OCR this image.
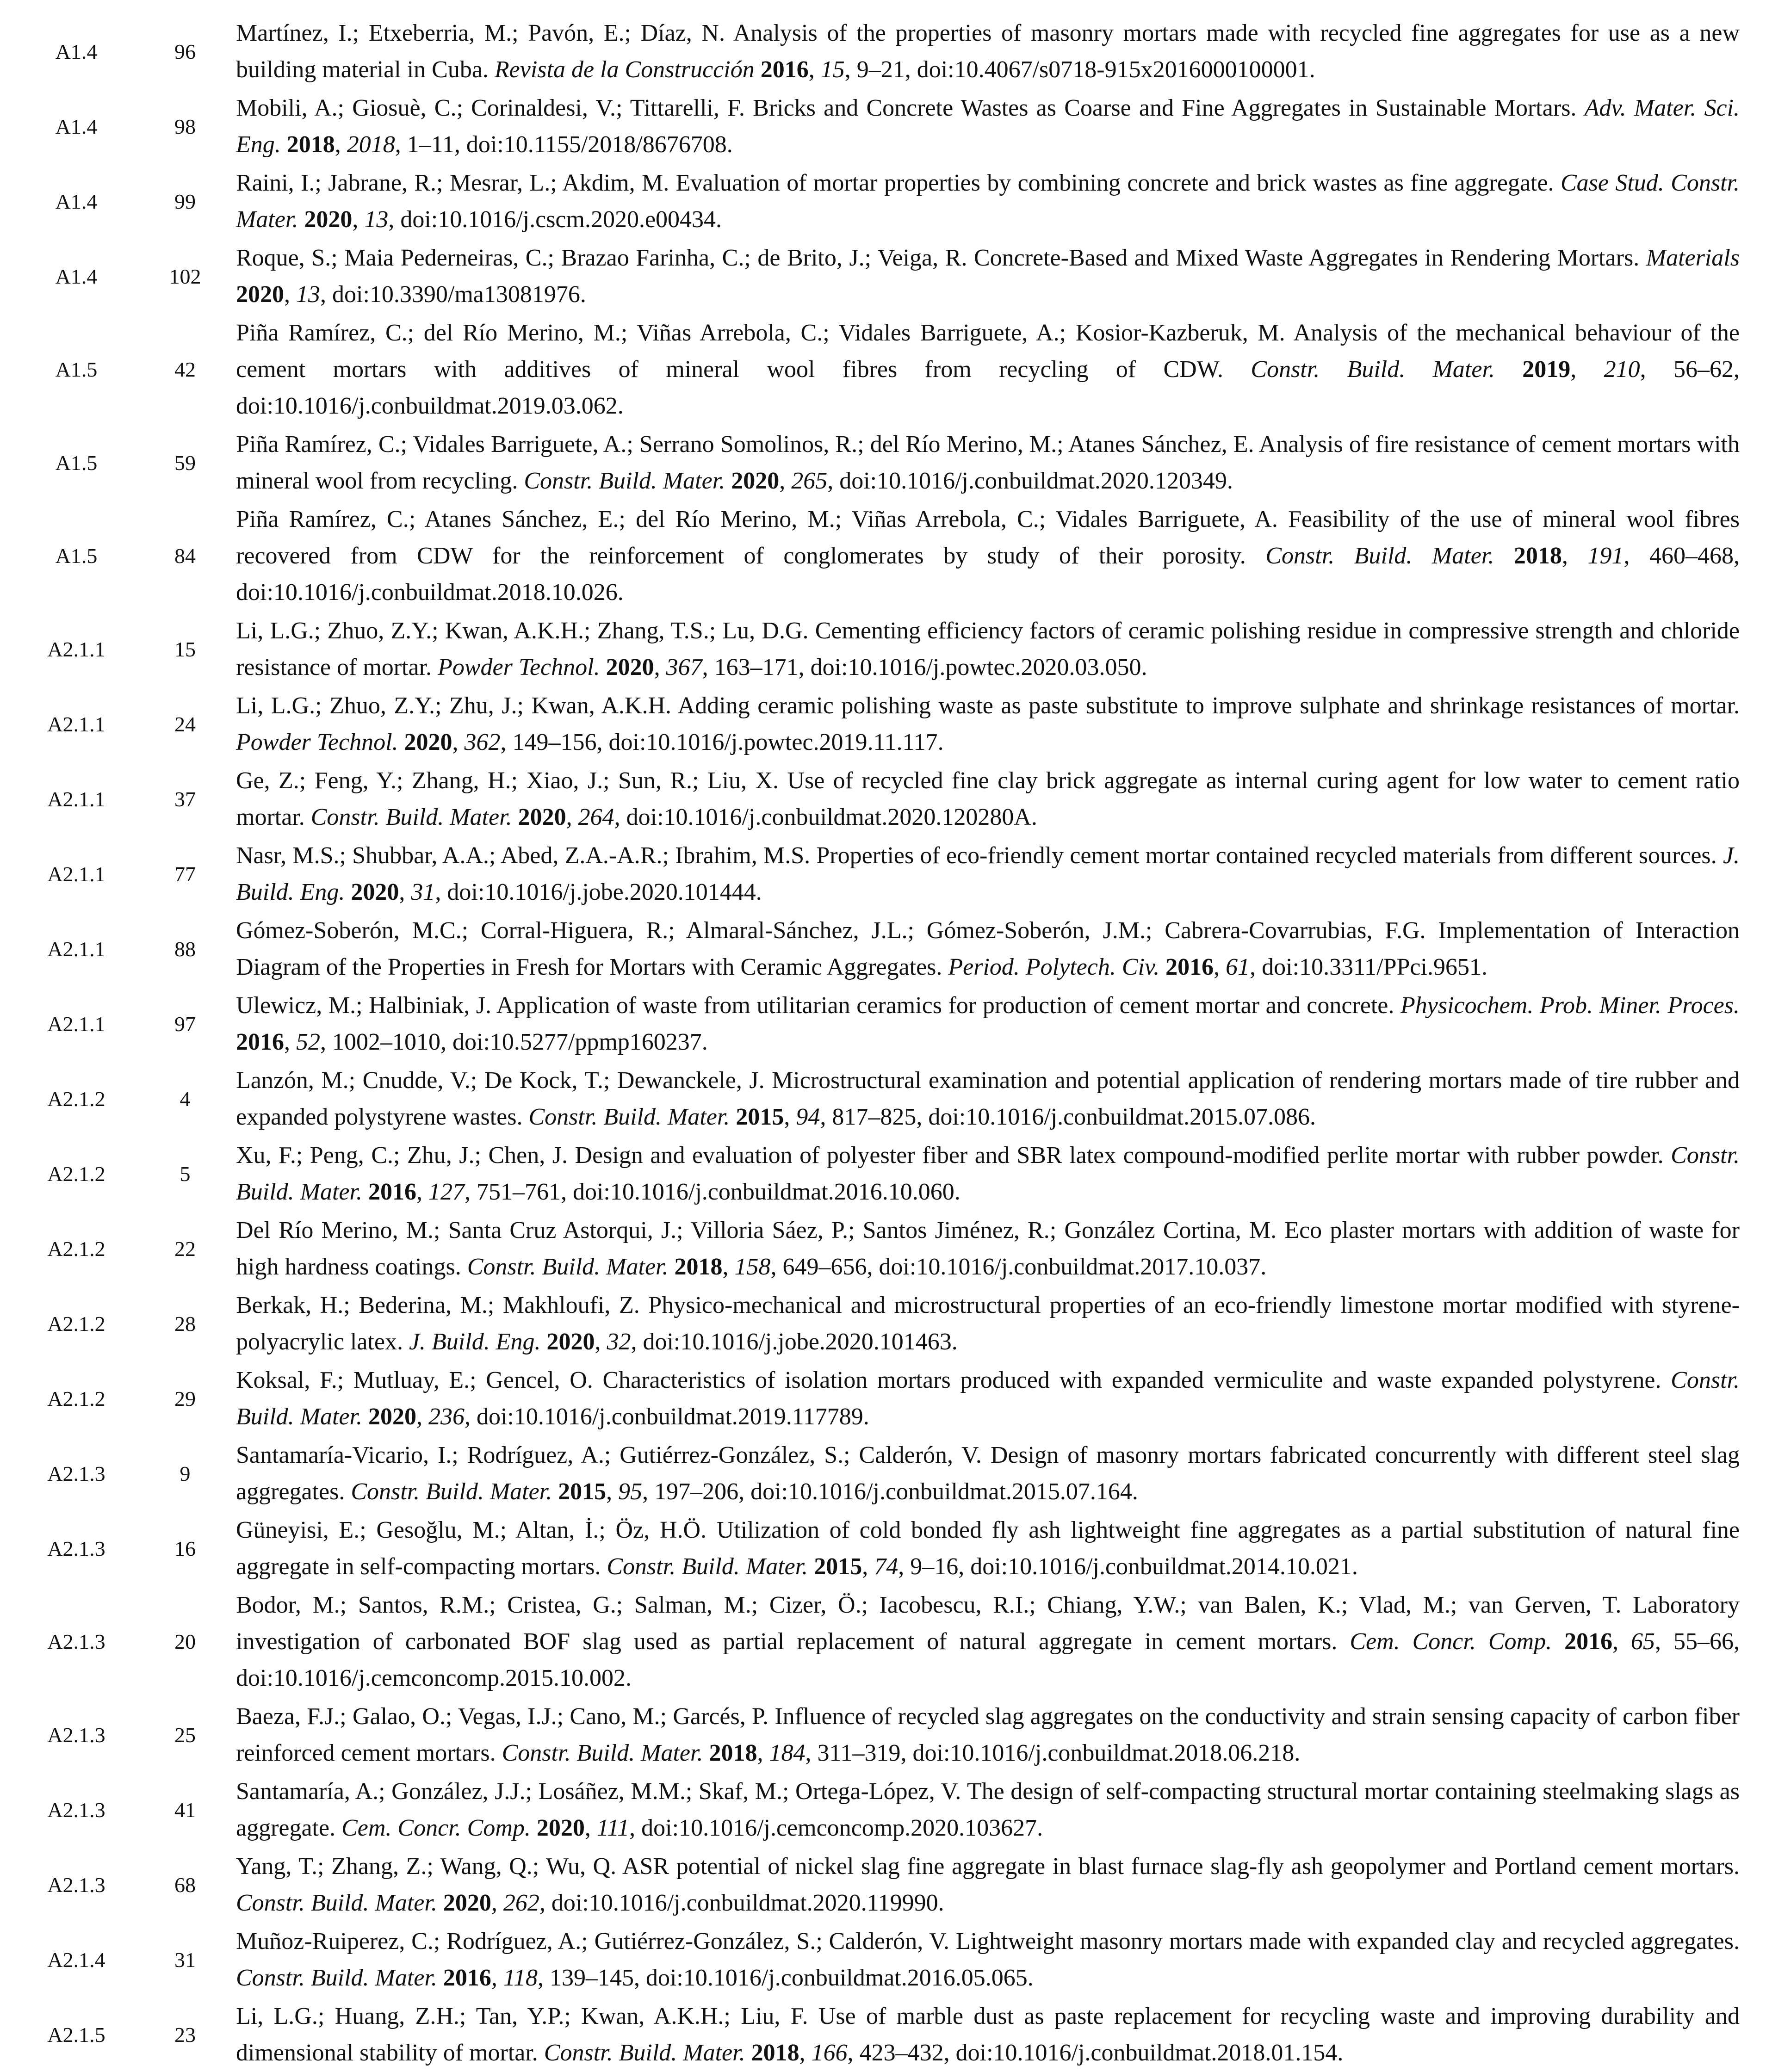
A1.4	96	Martínez, I.; Etxeberria, M.; Pavón, E.; Díaz, N. Analysis of the properties of masonry mortars made with recycled fine aggregates for use as a new building material in Cuba. Revista de la Construcción 2016, 15, 9–21, doi:10.4067/s0718-915x2016000100001.
A1.4	98	Mobili, A.; Giosuè, C.; Corinaldesi, V.; Tittarelli, F. Bricks and Concrete Wastes as Coarse and Fine Aggregates in Sustainable Mortars. Adv. Mater. Sci. Eng. 2018, 2018, 1–11, doi:10.1155/2018/8676708.
A1.4	99	Raini, I.; Jabrane, R.; Mesrar, L.; Akdim, M. Evaluation of mortar properties by combining concrete and brick wastes as fine aggregate. Case Stud. Constr. Mater. 2020, 13, doi:10.1016/j.cscm.2020.e00434.
A1.4	102	Roque, S.; Maia Pederneiras, C.; Brazao Farinha, C.; de Brito, J.; Veiga, R. Concrete-Based and Mixed Waste Aggregates in Rendering Mortars. Materials 2020, 13, doi:10.3390/ma13081976.
A1.5	42	Piña Ramírez, C.; del Río Merino, M.; Viñas Arrebola, C.; Vidales Barriguete, A.; Kosior-Kazberuk, M. Analysis of the mechanical behaviour of the cement mortars with additives of mineral wool fibres from recycling of CDW. Constr. Build. Mater. 2019, 210, 56–62, doi:10.1016/j.conbuildmat.2019.03.062.
A1.5	59	Piña Ramírez, C.; Vidales Barriguete, A.; Serrano Somolinos, R.; del Río Merino, M.; Atanes Sánchez, E. Analysis of fire resistance of cement mortars with mineral wool from recycling. Constr. Build. Mater. 2020, 265, doi:10.1016/j.conbuildmat.2020.120349.
A1.5	84	Piña Ramírez, C.; Atanes Sánchez, E.; del Río Merino, M.; Viñas Arrebola, C.; Vidales Barriguete, A. Feasibility of the use of mineral wool fibres recovered from CDW for the reinforcement of conglomerates by study of their porosity. Constr. Build. Mater. 2018, 191, 460–468, doi:10.1016/j.conbuildmat.2018.10.026.
A2.1.1	15	Li, L.G.; Zhuo, Z.Y.; Kwan, A.K.H.; Zhang, T.S.; Lu, D.G. Cementing efficiency factors of ceramic polishing residue in compressive strength and chloride resistance of mortar. Powder Technol. 2020, 367, 163–171, doi:10.1016/j.powtec.2020.03.050.
A2.1.1	24	Li, L.G.; Zhuo, Z.Y.; Zhu, J.; Kwan, A.K.H. Adding ceramic polishing waste as paste substitute to improve sulphate and shrinkage resistances of mortar. Powder Technol. 2020, 362, 149–156, doi:10.1016/j.powtec.2019.11.117.
A2.1.1	37	Ge, Z.; Feng, Y.; Zhang, H.; Xiao, J.; Sun, R.; Liu, X. Use of recycled fine clay brick aggregate as internal curing agent for low water to cement ratio mortar. Constr. Build. Mater. 2020, 264, doi:10.1016/j.conbuildmat.2020.120280A.
A2.1.1	77	Nasr, M.S.; Shubbar, A.A.; Abed, Z.A.-A.R.; Ibrahim, M.S. Properties of eco-friendly cement mortar contained recycled materials from different sources. J. Build. Eng. 2020, 31, doi:10.1016/j.jobe.2020.101444.
A2.1.1	88	Gómez-Soberón, M.C.; Corral-Higuera, R.; Almaral-Sánchez, J.L.; Gómez-Soberón, J.M.; Cabrera-Covarrubias, F.G. Implementation of Interaction Diagram of the Properties in Fresh for Mortars with Ceramic Aggregates. Period. Polytech. Civ. 2016, 61, doi:10.3311/PPci.9651.
A2.1.1	97	Ulewicz, M.; Halbiniak, J. Application of waste from utilitarian ceramics for production of cement mortar and concrete. Physicochem. Prob. Miner. Proces. 2016, 52, 1002–1010, doi:10.5277/ppmp160237.
A2.1.2	4	Lanzón, M.; Cnudde, V.; De Kock, T.; Dewanckele, J. Microstructural examination and potential application of rendering mortars made of tire rubber and expanded polystyrene wastes. Constr. Build. Mater. 2015, 94, 817–825, doi:10.1016/j.conbuildmat.2015.07.086.
A2.1.2	5	Xu, F.; Peng, C.; Zhu, J.; Chen, J. Design and evaluation of polyester fiber and SBR latex compound-modified perlite mortar with rubber powder. Constr. Build. Mater. 2016, 127, 751–761, doi:10.1016/j.conbuildmat.2016.10.060.
A2.1.2	22	Del Río Merino, M.; Santa Cruz Astorqui, J.; Villoria Sáez, P.; Santos Jiménez, R.; González Cortina, M. Eco plaster mortars with addition of waste for high hardness coatings. Constr. Build. Mater. 2018, 158, 649–656, doi:10.1016/j.conbuildmat.2017.10.037.
A2.1.2	28	Berkak, H.; Bederina, M.; Makhloufi, Z. Physico-mechanical and microstructural properties of an eco-friendly limestone mortar modified with styrene-polyacrylic latex. J. Build. Eng. 2020, 32, doi:10.1016/j.jobe.2020.101463.
A2.1.2	29	Koksal, F.; Mutluay, E.; Gencel, O. Characteristics of isolation mortars produced with expanded vermiculite and waste expanded polystyrene. Constr. Build. Mater. 2020, 236, doi:10.1016/j.conbuildmat.2019.117789.
A2.1.3	9	Santamaría-Vicario, I.; Rodríguez, A.; Gutiérrez-González, S.; Calderón, V. Design of masonry mortars fabricated concurrently with different steel slag aggregates. Constr. Build. Mater. 2015, 95, 197–206, doi:10.1016/j.conbuildmat.2015.07.164.
A2.1.3	16	Güneyisi, E.; Gesoğlu, M.; Altan, İ.; Öz, H.Ö. Utilization of cold bonded fly ash lightweight fine aggregates as a partial substitution of natural fine aggregate in self-compacting mortars. Constr. Build. Mater. 2015, 74, 9–16, doi:10.1016/j.conbuildmat.2014.10.021.
A2.1.3	20	Bodor, M.; Santos, R.M.; Cristea, G.; Salman, M.; Cizer, Ö.; Iacobescu, R.I.; Chiang, Y.W.; van Balen, K.; Vlad, M.; van Gerven, T. Laboratory investigation of carbonated BOF slag used as partial replacement of natural aggregate in cement mortars. Cem. Concr. Comp. 2016, 65, 55–66, doi:10.1016/j.cemconcomp.2015.10.002.
A2.1.3	25	Baeza, F.J.; Galao, O.; Vegas, I.J.; Cano, M.; Garcés, P. Influence of recycled slag aggregates on the conductivity and strain sensing capacity of carbon fiber reinforced cement mortars. Constr. Build. Mater. 2018, 184, 311–319, doi:10.1016/j.conbuildmat.2018.06.218.
A2.1.3	41	Santamaría, A.; González, J.J.; Losáñez, M.M.; Skaf, M.; Ortega-López, V. The design of self-compacting structural mortar containing steelmaking slags as aggregate. Cem. Concr. Comp. 2020, 111, doi:10.1016/j.cemconcomp.2020.103627.
A2.1.3	68	Yang, T.; Zhang, Z.; Wang, Q.; Wu, Q. ASR potential of nickel slag fine aggregate in blast furnace slag-fly ash geopolymer and Portland cement mortars. Constr. Build. Mater. 2020, 262, doi:10.1016/j.conbuildmat.2020.119990.
A2.1.4	31	Muñoz-Ruiperez, C.; Rodríguez, A.; Gutiérrez-González, S.; Calderón, V. Lightweight masonry mortars made with expanded clay and recycled aggregates. Constr. Build. Mater. 2016, 118, 139–145, doi:10.1016/j.conbuildmat.2016.05.065.
A2.1.5	23	Li, L.G.; Huang, Z.H.; Tan, Y.P.; Kwan, A.K.H.; Liu, F. Use of marble dust as paste replacement for recycling waste and improving durability and dimensional stability of mortar. Constr. Build. Mater. 2018, 166, 423–432, doi:10.1016/j.conbuildmat.2018.01.154.
